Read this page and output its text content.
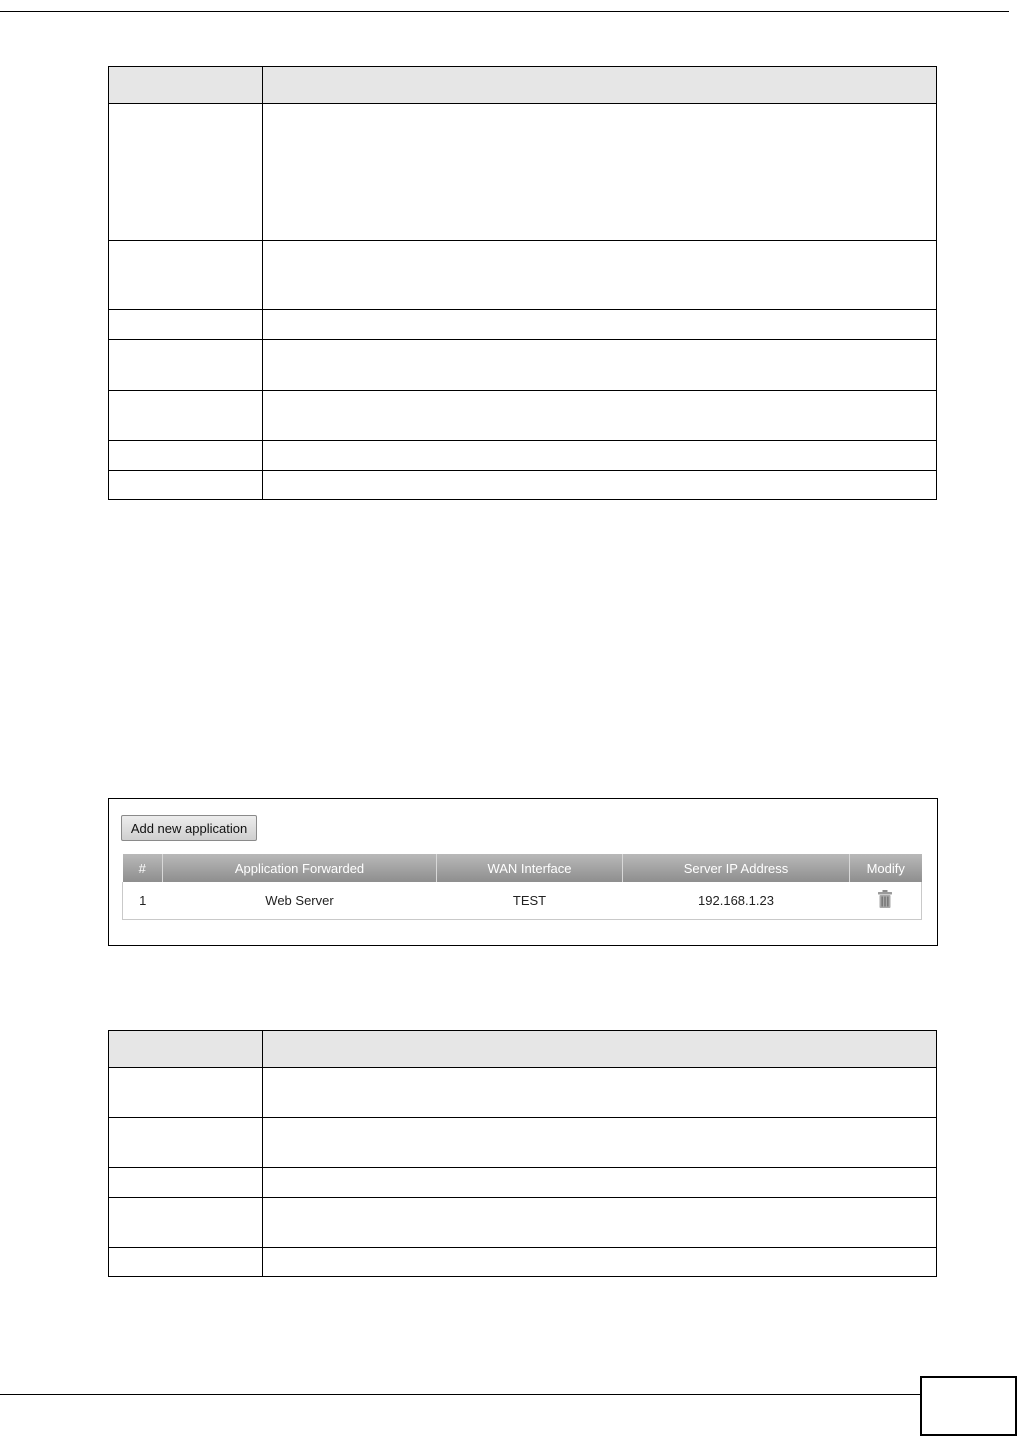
Add new application
#	Application Forwarded	WAN Interface	Server IP Address	Modify
1	Web Server	TEST	192.168.1.23	
